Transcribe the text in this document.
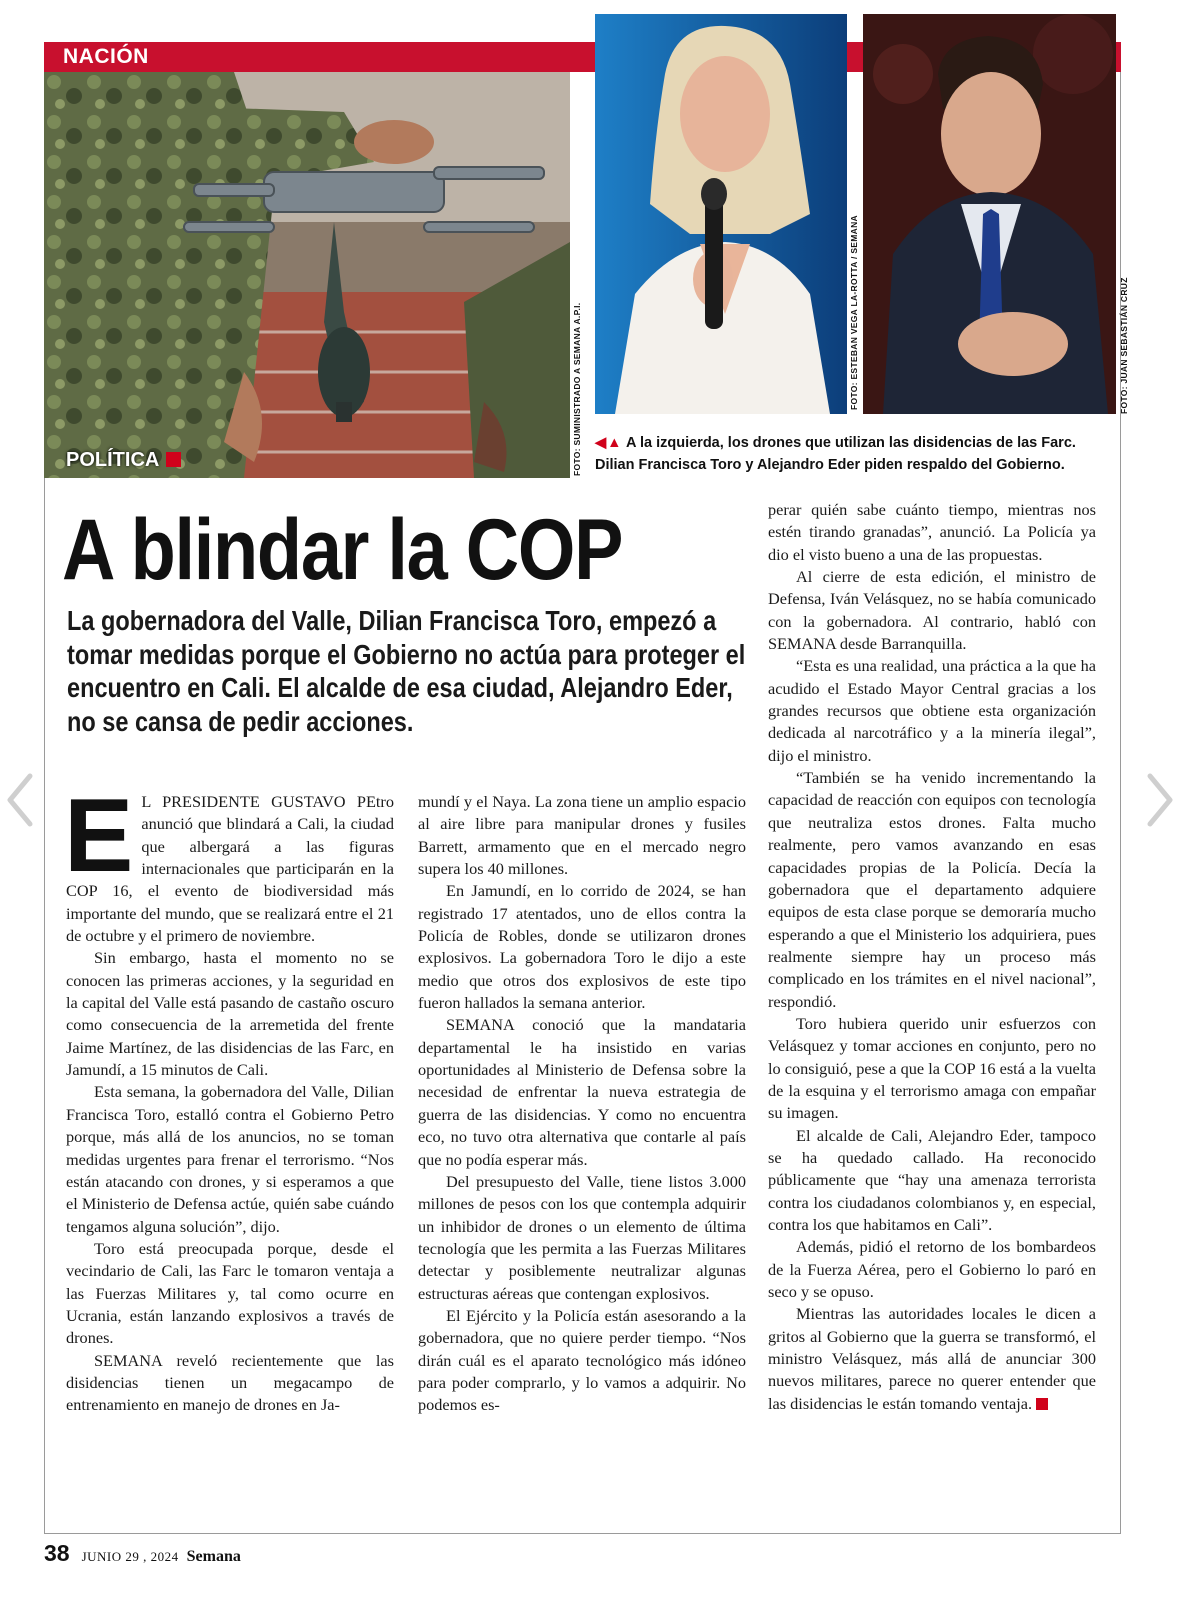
NACIÓN
FOTO: SUMINISTRADO A SEMANA A.P.I.	FOTO: ESTEBAN VEGA LA-ROTTA / SEMANA	FOTO: JUAN SEBASTIÁN CRUZ
POLÍTICA
◀▲ A la izquierda, los drones que utilizan las disidencias de las Farc.
Dilian Francisca Toro y Alejandro Eder piden respaldo del Gobierno.
A blindar la COP
La gobernadora del Valle, Dilian Francisca Toro, empezó a tomar medidas porque el Gobierno no actúa para proteger el encuentro en Cali. El alcalde de esa ciudad, Alejandro Eder, no se cansa de pedir acciones.

E L PRESIDENTE GUSTAVO PEtro anunció que blindará a Cali, la ciudad que albergará a las figuras internacionales que participarán en la COP 16, el evento de biodiversidad más importante del mundo, que se realizará entre el 21 de octubre y el primero de noviembre.

Sin embargo, hasta el momento no se conocen las primeras acciones, y la seguridad en la capital del Valle está pasando de castaño oscuro como consecuencia de la arremetida del frente Jaime Martínez, de las disidencias de las Farc, en Jamundí, a 15 minutos de Cali.

Esta semana, la gobernadora del Valle, Dilian Francisca Toro, estalló contra el Gobierno Petro porque, más allá de los anuncios, no se toman medidas urgentes para frenar el terrorismo. “Nos están atacando con drones, y si esperamos a que el Ministerio de Defensa actúe, quién sabe cuándo tengamos alguna solución”, dijo.

Toro está preocupada porque, desde el vecindario de Cali, las Farc le tomaron ventaja a las Fuerzas Militares y, tal como ocurre en Ucrania, están lanzando explosivos a través de drones.

SEMANA reveló recientemente que las disidencias tienen un megacampo de entrenamiento en manejo de drones en Ja-

mundí y el Naya. La zona tiene un amplio espacio al aire libre para manipular drones y fusiles Barrett, armamento que en el mercado negro supera los 40 millones.

En Jamundí, en lo corrido de 2024, se han registrado 17 atentados, uno de ellos contra la Policía de Robles, donde se utilizaron drones explosivos. La gobernadora Toro le dijo a este medio que otros dos explosivos de este tipo fueron hallados la semana anterior.

SEMANA conoció que la mandataria departamental le ha insistido en varias oportunidades al Ministerio de Defensa sobre la necesidad de enfrentar la nueva estrategia de guerra de las disidencias. Y como no encuentra eco, no tuvo otra alternativa que contarle al país que no podía esperar más.

Del presupuesto del Valle, tiene listos 3.000 millones de pesos con los que contempla adquirir un inhibidor de drones o un elemento de última tecnología que les permita a las Fuerzas Militares detectar y posiblemente neutralizar algunas estructuras aéreas que contengan explosivos.

El Ejército y la Policía están asesorando a la gobernadora, que no quiere perder tiempo. “Nos dirán cuál es el aparato tecnológico más idóneo para poder comprarlo, y lo vamos a adquirir. No podemos es-

perar quién sabe cuánto tiempo, mientras nos estén tirando granadas”, anunció. La Policía ya dio el visto bueno a una de las propuestas.

Al cierre de esta edición, el ministro de Defensa, Iván Velásquez, no se había comunicado con la gobernadora. Al contrario, habló con SEMANA desde Barranquilla.

“Esta es una realidad, una práctica a la que ha acudido el Estado Mayor Central gracias a los grandes recursos que obtiene esta organización dedicada al narcotráfico y a la minería ilegal”, dijo el ministro.

“También se ha venido incrementando la capacidad de reacción con equipos con tecnología que neutraliza estos drones. Falta mucho realmente, pero vamos avanzando en esas capacidades propias de la Policía. Decía la gobernadora que el departamento adquiere equipos de esta clase porque se demoraría mucho esperando a que el Ministerio los adquiriera, pues realmente siempre hay un proceso más complicado en los trámites en el nivel nacional”, respondió.

Toro hubiera querido unir esfuerzos con Velásquez y tomar acciones en conjunto, pero no lo consiguió, pese a que la COP 16 está a la vuelta de la esquina y el terrorismo amaga con empañar su imagen.

El alcalde de Cali, Alejandro Eder, tampoco se ha quedado callado. Ha reconocido públicamente que “hay una amenaza terrorista contra los ciudadanos colombianos y, en especial, contra los que habitamos en Cali”.

Además, pidió el retorno de los bombardeos de la Fuerza Aérea, pero el Gobierno lo paró en seco y se opuso.

Mientras las autoridades locales le dicen a gritos al Gobierno que la guerra se transformó, el ministro Velásquez, más allá de anunciar 300 nuevos militares, parece no querer entender que las disidencias le están tomando ventaja.

38 JUNIO 29 , 2024 Semana
